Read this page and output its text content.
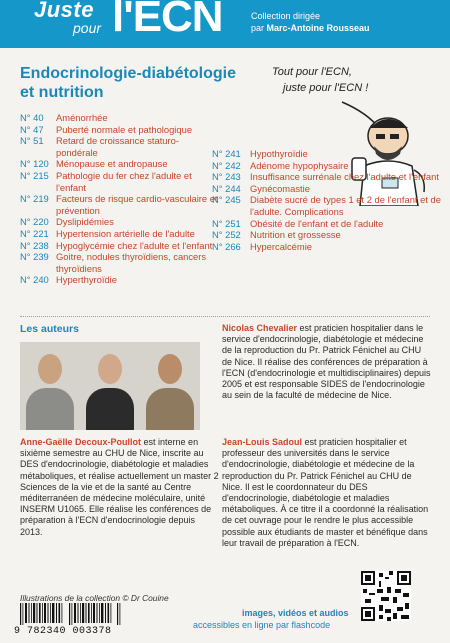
Juste
pour l'ECN	Collection dirigée
par Marc-Antoine Rousseau
Endocrinologie-diabétologie et nutrition
Tout pour l'ECN,
juste pour l'ECN !
N° 40	Aménorrhée
N° 47	Puberté normale et pathologique
N° 51	Retard de croissance staturo-pondérale
N° 120 Ménopause et andropause
N° 215 Pathologie du fer chez l'adulte et l'enfant
N° 219 Facteurs de risque cardio-vasculaire et prévention
N° 220 Dyslipidémies
N° 221 Hypertension artérielle de l'adulte
N° 238 Hypoglycémie chez l'adulte et l'enfant
N° 239 Goitre, nodules thyroïdiens, cancers thyroïdiens
N° 240 Hyperthyroïdie
N° 241 Hypothyroïdie
N° 242 Adénome hypophysaire
N° 243 Insuffisance surrénale chez l'adulte et l'enfant
N° 244 Gynécomastie
N° 245 Diabète sucré de types 1 et 2 de l'enfant et de l'adulte. Complications
N° 251 Obésité de l'enfant et de l'adulte
N° 252 Nutrition et grossesse
N° 266 Hypercalcémie
Les auteurs

Anne-Gaëlle Decoux-Poullot est interne en sixième semestre au CHU de Nice, inscrite au DES d'endocrinologie, diabétologie et maladies métaboliques, et réalise actuellement un master 2 Sciences de la vie et de la santé au Centre méditerranéen de médecine moléculaire, unité INSERM U1065. Elle réalise les conférences de préparation à l'ECN d'endocrinologie depuis 2013.

Nicolas Chevalier est praticien hospitalier dans le service d'endocrinologie, diabétologie et médecine de la reproduction du Pr. Patrick Fénichel au CHU de Nice. Il réalise des conférences de préparation à l'ECN (d'endocrinologie et multidisciplinaires) depuis 2005 et est responsable SIDES de l'endocrinologie au sein de la faculté de médecine de Nice.

Jean-Louis Sadoul est praticien hospitalier et professeur des universités dans le service d'endocrinologie, diabétologie et médecine de la reproduction du Pr. Patrick Fénichel au CHU de Nice. Il est le coordonnateur du DES d'endocrinologie, diabétologie et maladies métaboliques. À ce titre il a coordonné la réalisation de cet ouvrage pour le rendre le plus accessible possible aux étudiants de master et bénéfique dans leur travail de préparation à l'ECN.

Illustrations de la collection © Dr Couine
9 782340 003378
images, vidéos et audios
accessibles en ligne par flashcode
